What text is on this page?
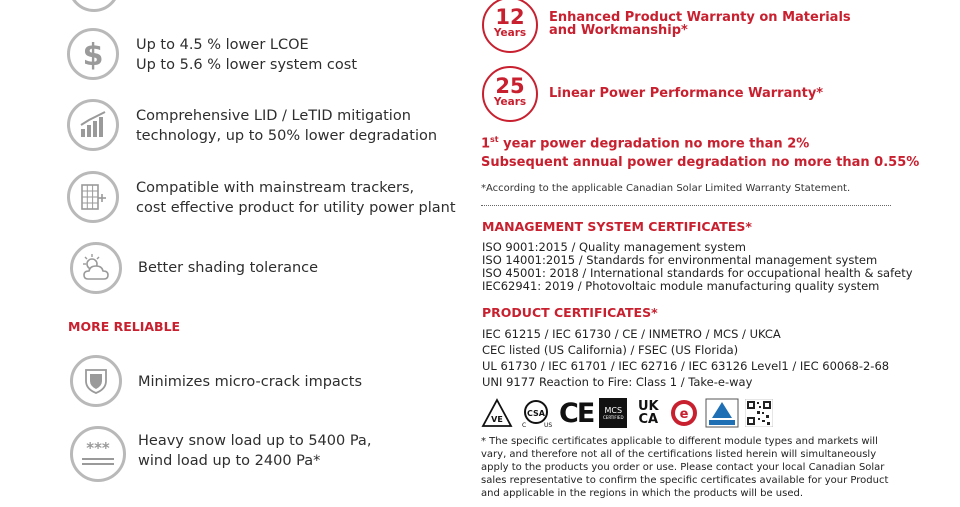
$ Up to 4.5 % lower LCOE
Up to 5.6 % lower system cost
Comprehensive LID / LeTID mitigation
technology, up to 50% lower degradation
Compatible with mainstream trackers,
cost effective product for utility power plant
Better shading tolerance
MORE RELIABLE
Minimizes micro-crack impacts
*** Heavy snow load up to 5400 Pa,
wind load up to 2400 Pa*
12
Years
Enhanced Product Warranty on Materials
and Workmanship*
25
Years
Linear Power Performance Warranty*
1st year power degradation no more than 2%
Subsequent annual power degradation no more than 0.55%
*According to the applicable Canadian Solar Limited Warranty Statement.
MANAGEMENT SYSTEM CERTIFICATES*
ISO 9001:2015 / Quality management system
ISO 14001:2015 / Standards for environmental management system
ISO 45001: 2018 / International standards for occupational health & safety
IEC62941: 2019 / Photovoltaic module manufacturing quality system
PRODUCT CERTIFICATES*
IEC 61215 / IEC 61730 / CE / INMETRO / MCS / UKCA
CEC listed (US California) / FSEC (US Florida)
UL 61730 / IEC 61701 / IEC 62716 / IEC 63126 Level1 / IEC 60068-2-68
UNI 9177 Reaction to Fire: Class 1 / Take-e-way
VE
CSA
C	US CE MCS
CERTIFIED
UK
CA e
* The specific certificates applicable to different module types and markets will vary, and therefore not all of the certifications listed herein will simultaneously apply to the products you order or use. Please contact your local Canadian Solar sales representative to confirm the specific certificates available for your Product and applicable in the regions in which the products will be used.
